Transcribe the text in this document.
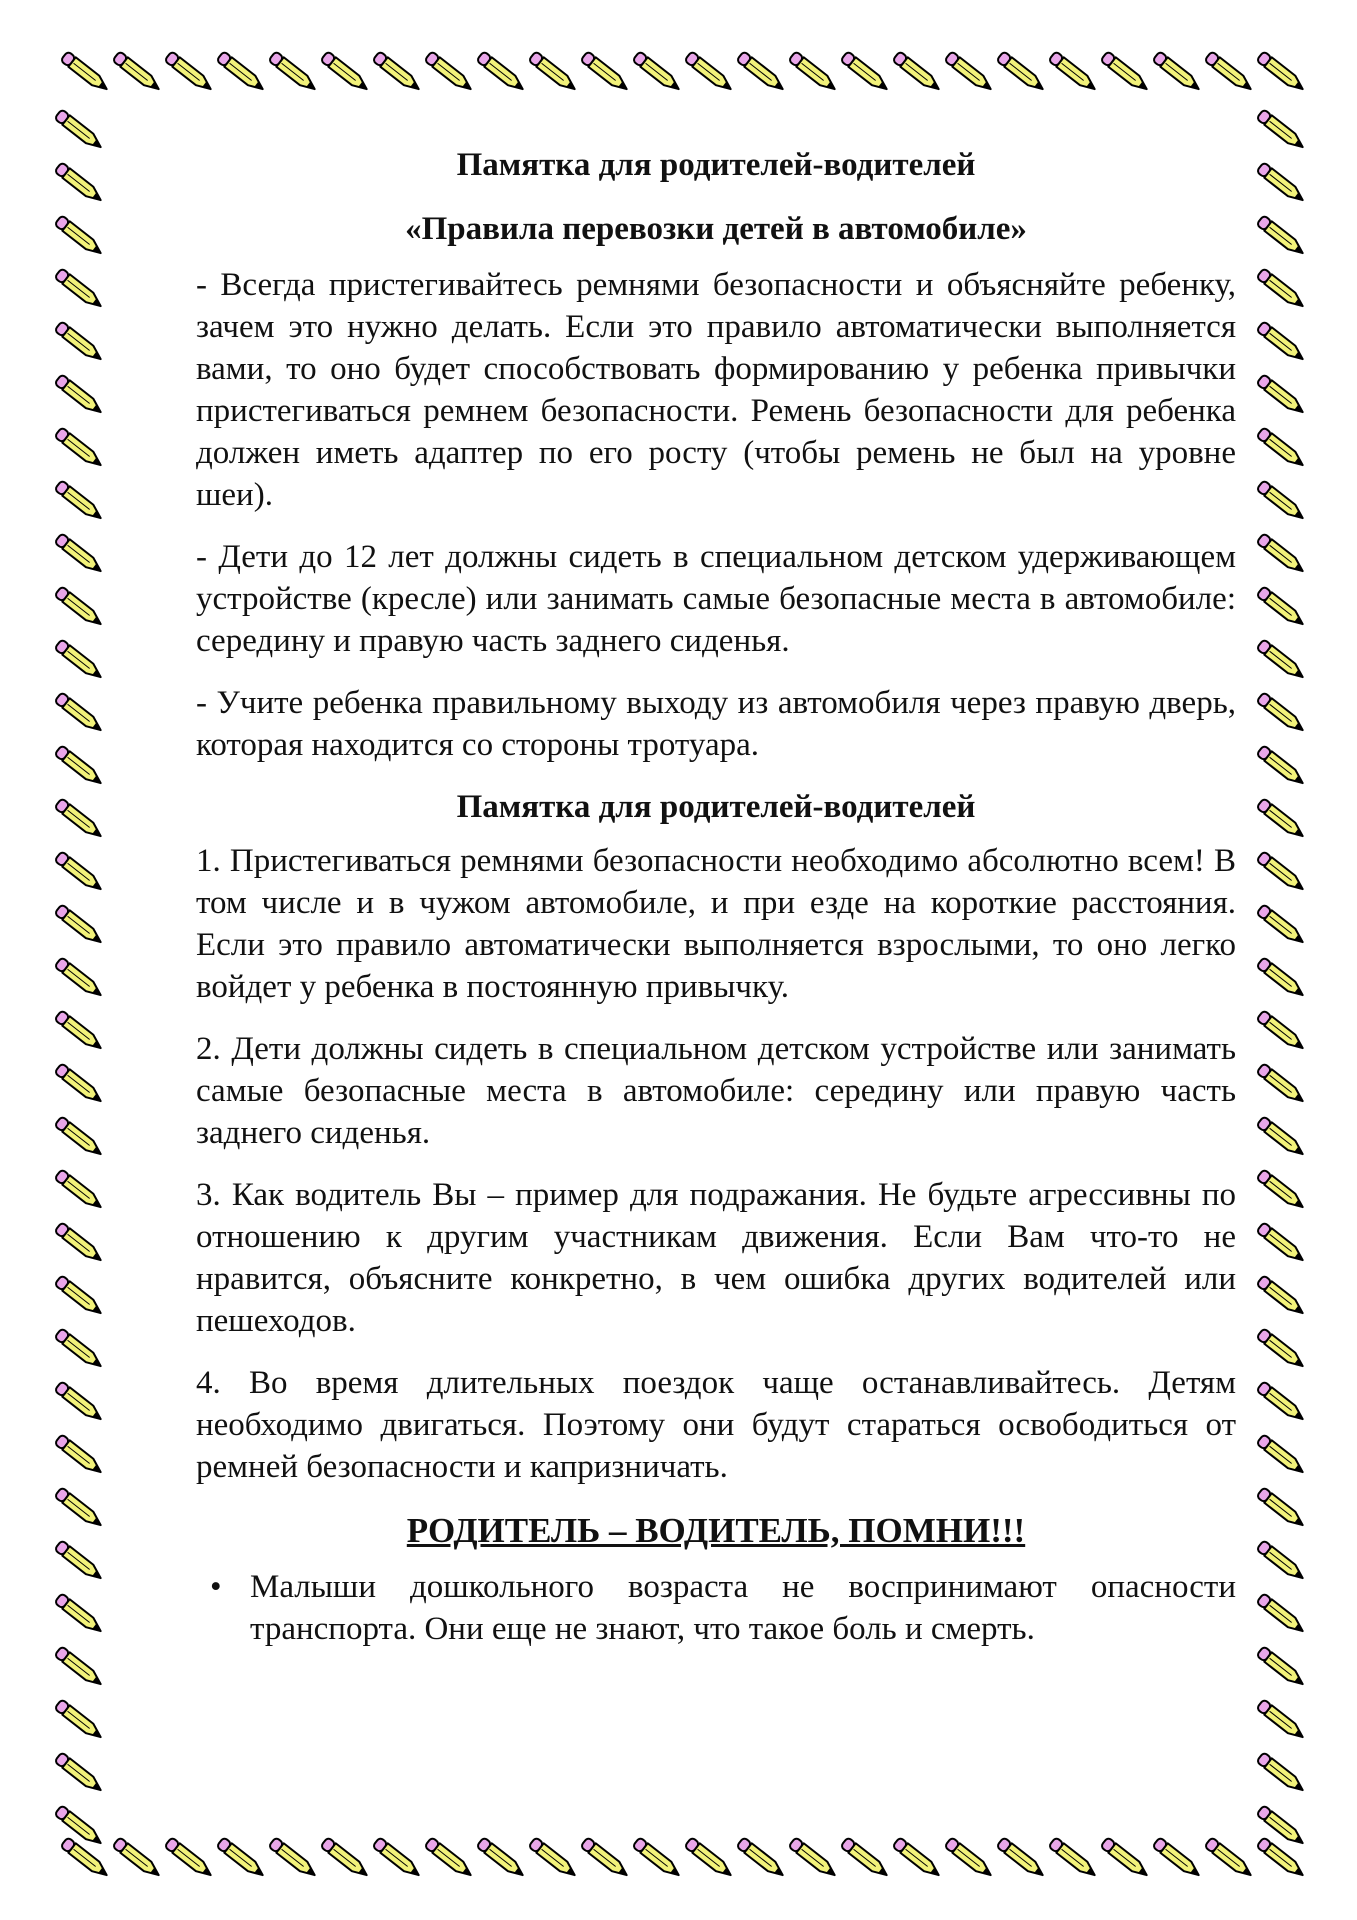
Памятка для родителей-водителей
«Правила перевозки детей в автомобиле»

- Всегда пристегивайтесь ремнями безопасности и объясняйте ребенку, зачем это нужно делать. Если это правило автоматически выполняется вами, то оно будет способствовать формированию у ребенка привычки пристегиваться ремнем безопасности. Ремень безопасности для ребенка должен иметь адаптер по его росту (чтобы ремень не был на уровне шеи).

- Дети до 12 лет должны сидеть в специальном детском удерживающем устройстве (кресле) или занимать самые безопасные места в автомобиле: середину и правую часть заднего сиденья.

- Учите ребенка правильному выходу из автомобиля через правую дверь, которая находится со стороны тротуара.

Памятка для родителей-водителей

1. Пристегиваться ремнями безопасности необходимо абсолютно всем! В том числе и в чужом автомобиле, и при езде на короткие расстояния. Если это правило автоматически выполняется взрослыми, то оно легко войдет у ребенка в постоянную привычку.

2. Дети должны сидеть в специальном детском устройстве или занимать самые безопасные места в автомобиле: середину или правую часть заднего сиденья.

3. Как водитель Вы – пример для подражания. Не будьте агрессивны по отношению к другим участникам движения. Если Вам что-то не нравится, объясните конкретно, в чем ошибка других водителей или пешеходов.

4. Во время длительных поездок чаще останавливайтесь. Детям необходимо двигаться. Поэтому они будут стараться освободиться от ремней безопасности и капризничать.

РОДИТЕЛЬ – ВОДИТЕЛЬ, ПОМНИ!!!
• Малыши дошкольного возраста не воспринимают опасности транспорта. Они еще не знают, что такое боль и смерть.
